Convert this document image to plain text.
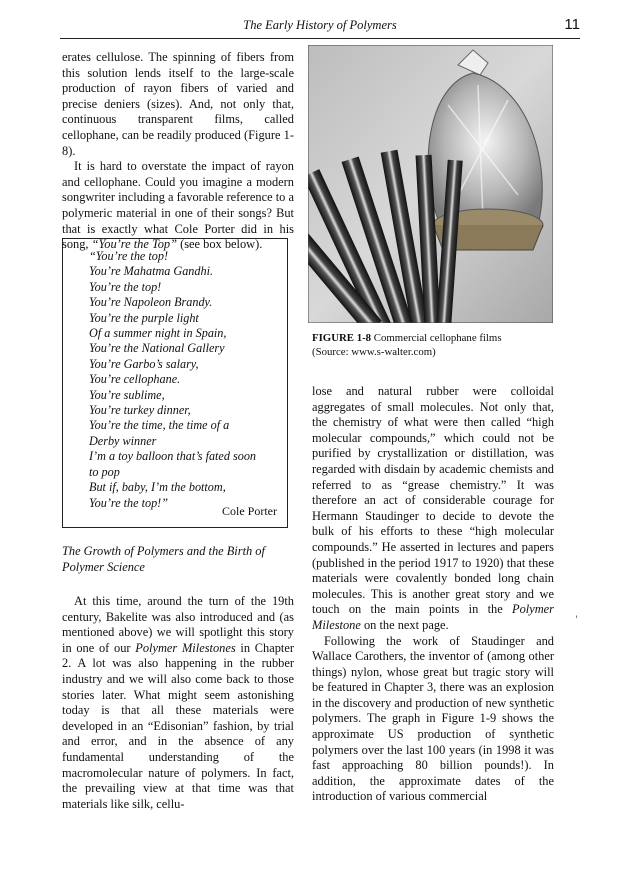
The Early History of Polymers	11

erates cellulose. The spinning of fibers from this solution lends itself to the large-scale production of rayon fibers of varied and precise deniers (sizes). And, not only that, continuous transparent films, called cellophane, can be readily produced (Figure 1-8).

It is hard to overstate the impact of rayon and cellophane. Could you imagine a modern songwriter including a favorable reference to a polymeric material in one of their songs? But that is exactly what Cole Porter did in his song, “You’re the Top” (see box below).

“You’re the top!
You’re Mahatma Gandhi.
You’re the top!
You’re Napoleon Brandy.
You’re the purple light
Of a summer night in Spain,
You’re the National Gallery
You’re Garbo’s salary,
You’re cellophane.
You’re sublime,
You’re turkey dinner,
You’re the time, the time of a
Derby winner
I’m a toy balloon that’s fated soon
to pop
But if, baby, I’m the bottom,
You’re the top!”
Cole Porter
The Growth of Polymers and the Birth of Polymer Science

At this time, around the turn of the 19th century, Bakelite was also introduced and (as mentioned above) we will spotlight this story in one of our Polymer Milestones in Chapter 2. A lot was also happening in the rubber industry and we will also come back to those stories later. What might seem astonishing today is that all these materials were developed in an “Edisonian” fashion, by trial and error, and in the absence of any fundamental understanding of the macromolecular nature of polymers. In fact, the prevailing view at that time was that materials like silk, cellu-

FIGURE 1-8 Commercial cellophane films
(Source: www.s-walter.com)

lose and natural rubber were colloidal aggregates of small molecules. Not only that, the chemistry of what were then called “high molecular compounds,” which could not be purified by crystallization or distillation, was regarded with disdain by academic chemists and referred to as “grease chemistry.” It was therefore an act of considerable courage for Hermann Staudinger to decide to devote the bulk of his efforts to these “high molecular compounds.” He asserted in lectures and papers (published in the period 1917 to 1920) that these materials were covalently bonded long chain molecules. This is another great story and we touch on the main points in the Polymer Milestone on the next page.

Following the work of Staudinger and Wallace Carothers, the inventor of (among other things) nylon, whose great but tragic story will be featured in Chapter 3, there was an explosion in the discovery and production of new synthetic polymers. The graph in Figure 1-9 shows the approximate US production of synthetic polymers over the last 100 years (in 1998 it was fast approaching 80 billion pounds!). In addition, the approximate dates of the introduction of various commercial

′
